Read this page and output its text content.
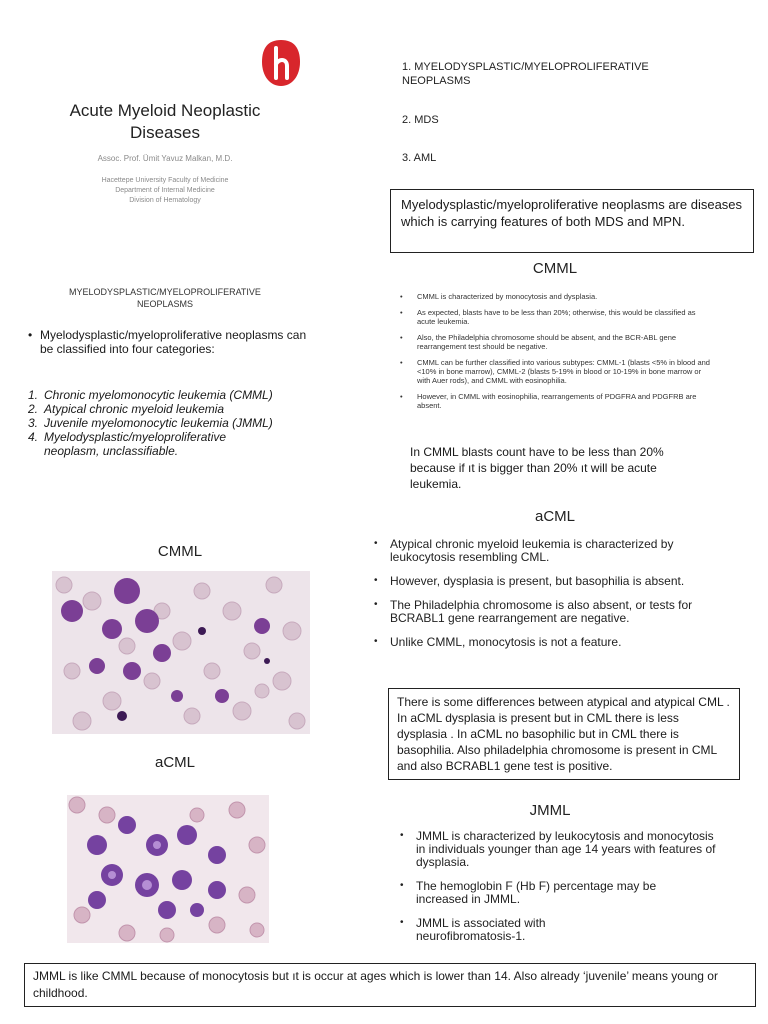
Acute Myeloid Neoplastic
Diseases
Assoc. Prof. Ümit Yavuz Malkan, M.D.
Hacettepe University Faculty of Medicine
Department of Internal Medicine
Division of Hematology
1. MYELODYSPLASTIC/MYELOPROLIFERATIVE
NEOPLASMS
2. MDS
3. AML
Myelodysplastic/myeloproliferative neoplasms are diseases which is carrying features of both MDS and MPN.
MYELODYSPLASTIC/MYELOPROLIFERATIVE
NEOPLASMS
• Myelodysplastic/myeloproliferative neoplasms can be classified into four categories:
1. Chronic myelomonocytic leukemia (CMML)
2. Atypical chronic myeloid leukemia
3. Juvenile myelomonocytic leukemia (JMML)
4. Myelodysplastic/myeloproliferative neoplasm, unclassifiable.
CMML
• CMML is characterized by monocytosis and dysplasia.
• As expected, blasts have to be less than 20%; otherwise, this would be classified as acute leukemia.
• Also, the Philadelphia chromosome should be absent, and the BCR-ABL gene rearrangement test should be negative.
• CMML can be further classified into various subtypes: CMML-1 (blasts <5% in blood and <10% in bone marrow), CMML-2 (blasts 5-19% in blood or 10-19% in bone marrow or with Auer rods), and CMML with eosinophilia.
• However, in CMML with eosinophilia, rearrangements of PDGFRA and PDGFRB are absent.
In CMML blasts count have to be less than 20% because if ıt is bigger than 20% ıt will be acute leukemia.
CMML
aCML
aCML
• Atypical chronic myeloid leukemia is characterized by leukocytosis resembling CML.
• However, dysplasia is present, but basophilia is absent.
• The Philadelphia chromosome is also absent, or tests for BCRABL1 gene rearrangement are negative.
• Unlike CMML, monocytosis is not a feature.
There is some differences between atypical and atypical CML . In aCML dysplasia is present but in CML there is less dysplasia . In aCML no basophilic but in CML there is basophilia. Also philadelphia chromosome is present in CML and also BCRABL1 gene test is positive.
JMML
• JMML is characterized by leukocytosis and monocytosis in individuals younger than age 14 years with features of dysplasia.
• The hemoglobin F (Hb F) percentage may be increased in JMML.
• JMML is associated with neurofibromatosis-1.
JMML is like CMML because of monocytosis but ıt is occur at ages which is lower than 14. Also already ‘juvenile’ means young or childhood.
